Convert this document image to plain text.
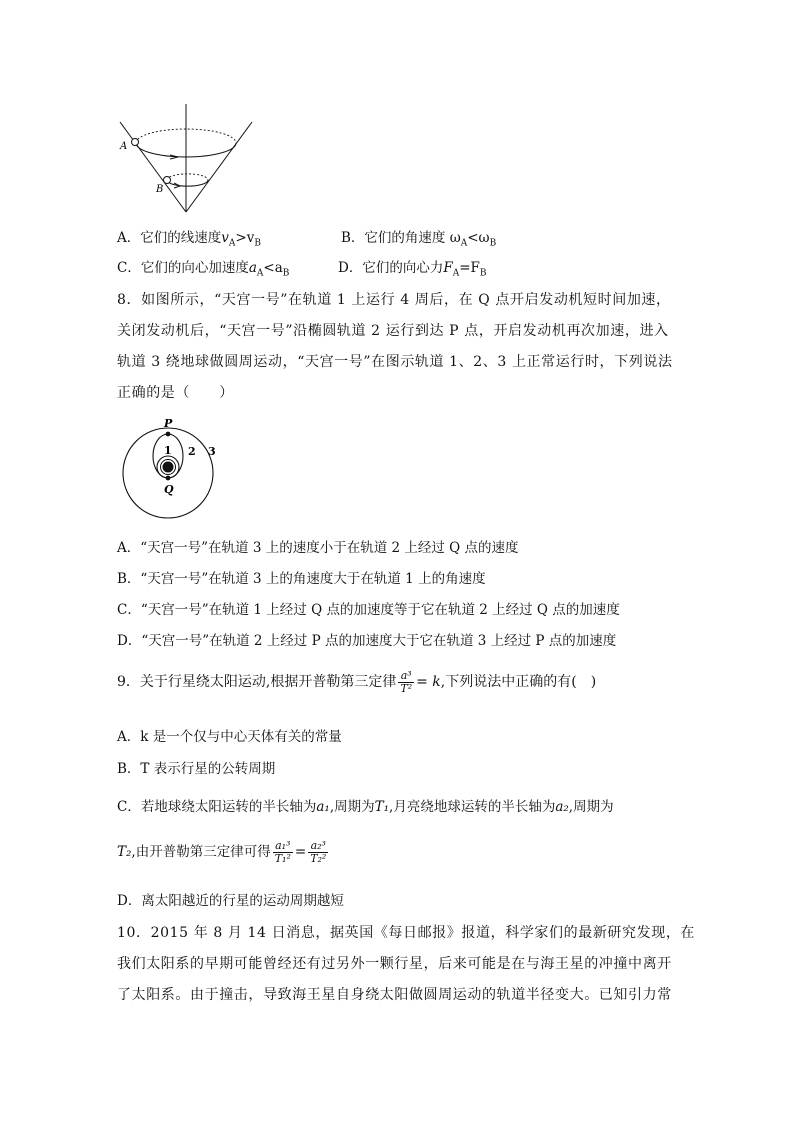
A
B
A．它们的线速度$v_A>v_B$	B．它们的角速度 $\omega_A<\omega_B$
C．它们的向心加速度$a_A<a_B$	D．它们的向心力$F_A=F_B$
8．如图所示，“天宫一号”在轨道 1 上运行 4 周后，在 Q 点开启发动机短时间加速，
关闭发动机后，“天宫一号”沿椭圆轨道 2 运行到达 P 点，开启发动机再次加速，进入
轨道 3 绕地球做圆周运动，“天宫一号”在图示轨道 1、2、3 上正常运行时，下列说法
正确的是（　　）
P
Q
1 2 3
A．“天宫一号”在轨道 3 上的速度小于在轨道 2 上经过 Q 点的速度
B．“天宫一号”在轨道 3 上的角速度大于在轨道 1 上的角速度
C．“天宫一号”在轨道 1 上经过 Q 点的加速度等于它在轨道 2 上经过 Q 点的加速度
D．“天宫一号”在轨道 2 上经过 P 点的加速度大于它在轨道 3 上经过 P 点的加速度
9．关于行星绕太阳运动,根据开普勒第三定律 $\frac{\text{a³}}{\text{T²}} = k$,下列说法中正确的有(　)
A．k 是一个仅与中心天体有关的常量
B．T 表示行星的公转周期
C．若地球绕太阳运转的半长轴为a₁,周期为T₁,月亮绕地球运转的半长轴为a₂,周期为
T₂,由开普勒第三定律可得 $\frac{\text{a₁³}}{\text{T₁²}} = \frac{\text{a₂³}}{\text{T₂²}}$
D．离太阳越近的行星的运动周期越短
10．2015 年 8 月 14 日消息，据英国《每日邮报》报道，科学家们的最新研究发现，在
我们太阳系的早期可能曾经还有过另外一颗行星，后来可能是在与海王星的冲撞中离开
了太阳系。由于撞击，导致海王星自身绕太阳做圆周运动的轨道半径变大。已知引力常
